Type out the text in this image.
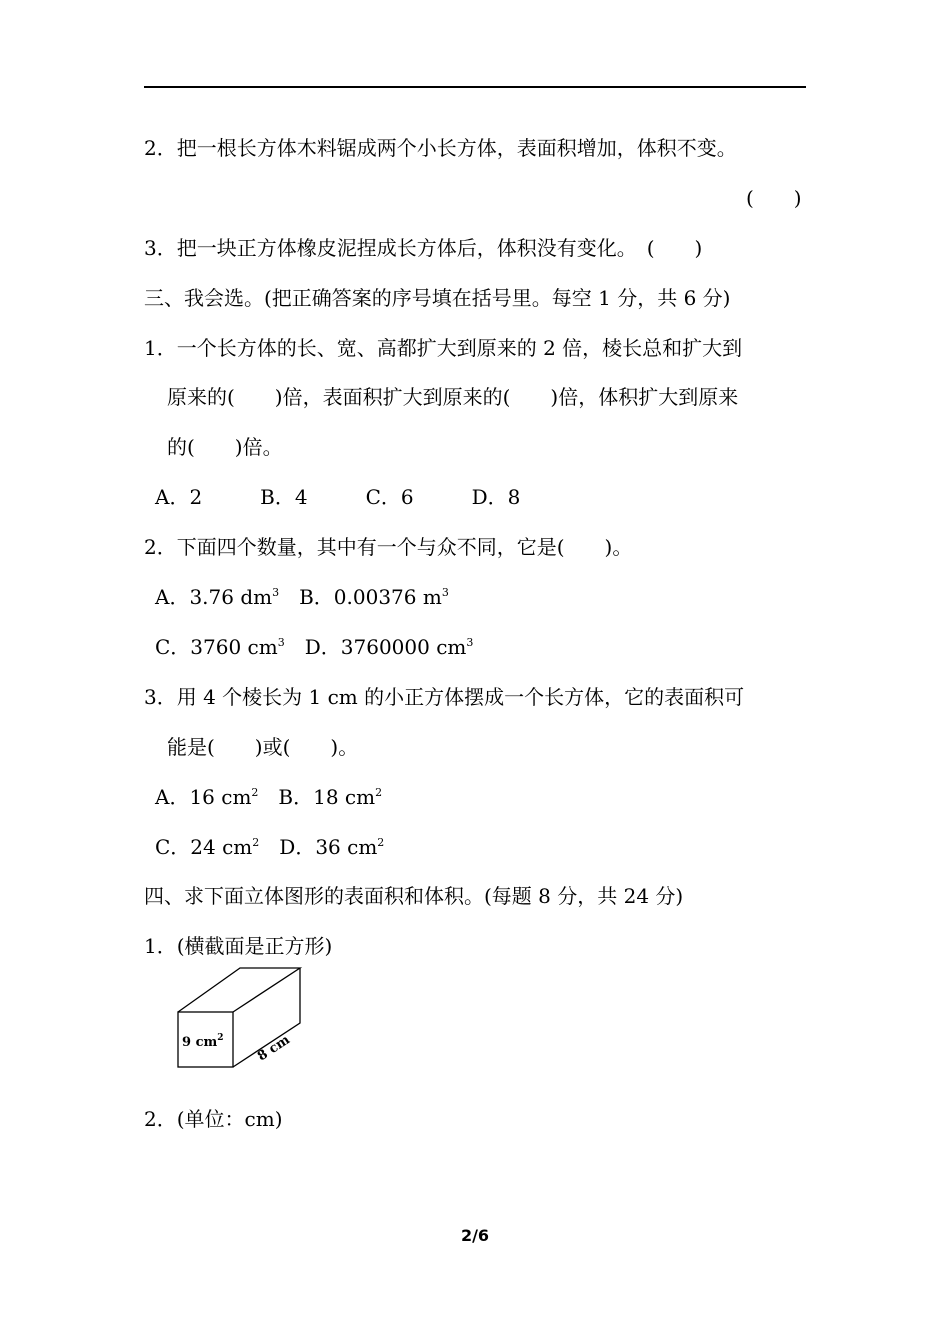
2．把一根长方体木料锯成两个小长方体，表面积增加，体积不变。
(　　)
3．把一块正方体橡皮泥捏成长方体后，体积没有变化。　(　　)
三、我会选。(把正确答案的序号填在括号里。每空 1 分，共 6 分)
1．一个长方体的长、宽、高都扩大到原来的 2 倍，棱长总和扩大到
原来的(　　)倍，表面积扩大到原来的(　　)倍，体积扩大到原来
的(　　)倍。
A．2	B．4	C．6	D．8
2．下面四个数量，其中有一个与众不同，它是(　　)。
A．3.76 $dm^3$ B．0.00376 $m^3$
C．3760 $cm^3$ D．3760000 $cm^3$
3．用 4 个棱长为 1 cm 的小正方体摆成一个长方体，它的表面积可
能是(　　)或(　　)。
A．16 $cm^2$ B．18 $cm^2$
C．24 $cm^2$ D．36 $cm^2$
四、求下面立体图形的表面积和体积。(每题 8 分，共 24 分)
1．(横截面是正方形)
9 $cm^2$ 8 cm
2．(单位：cm)
2/6
